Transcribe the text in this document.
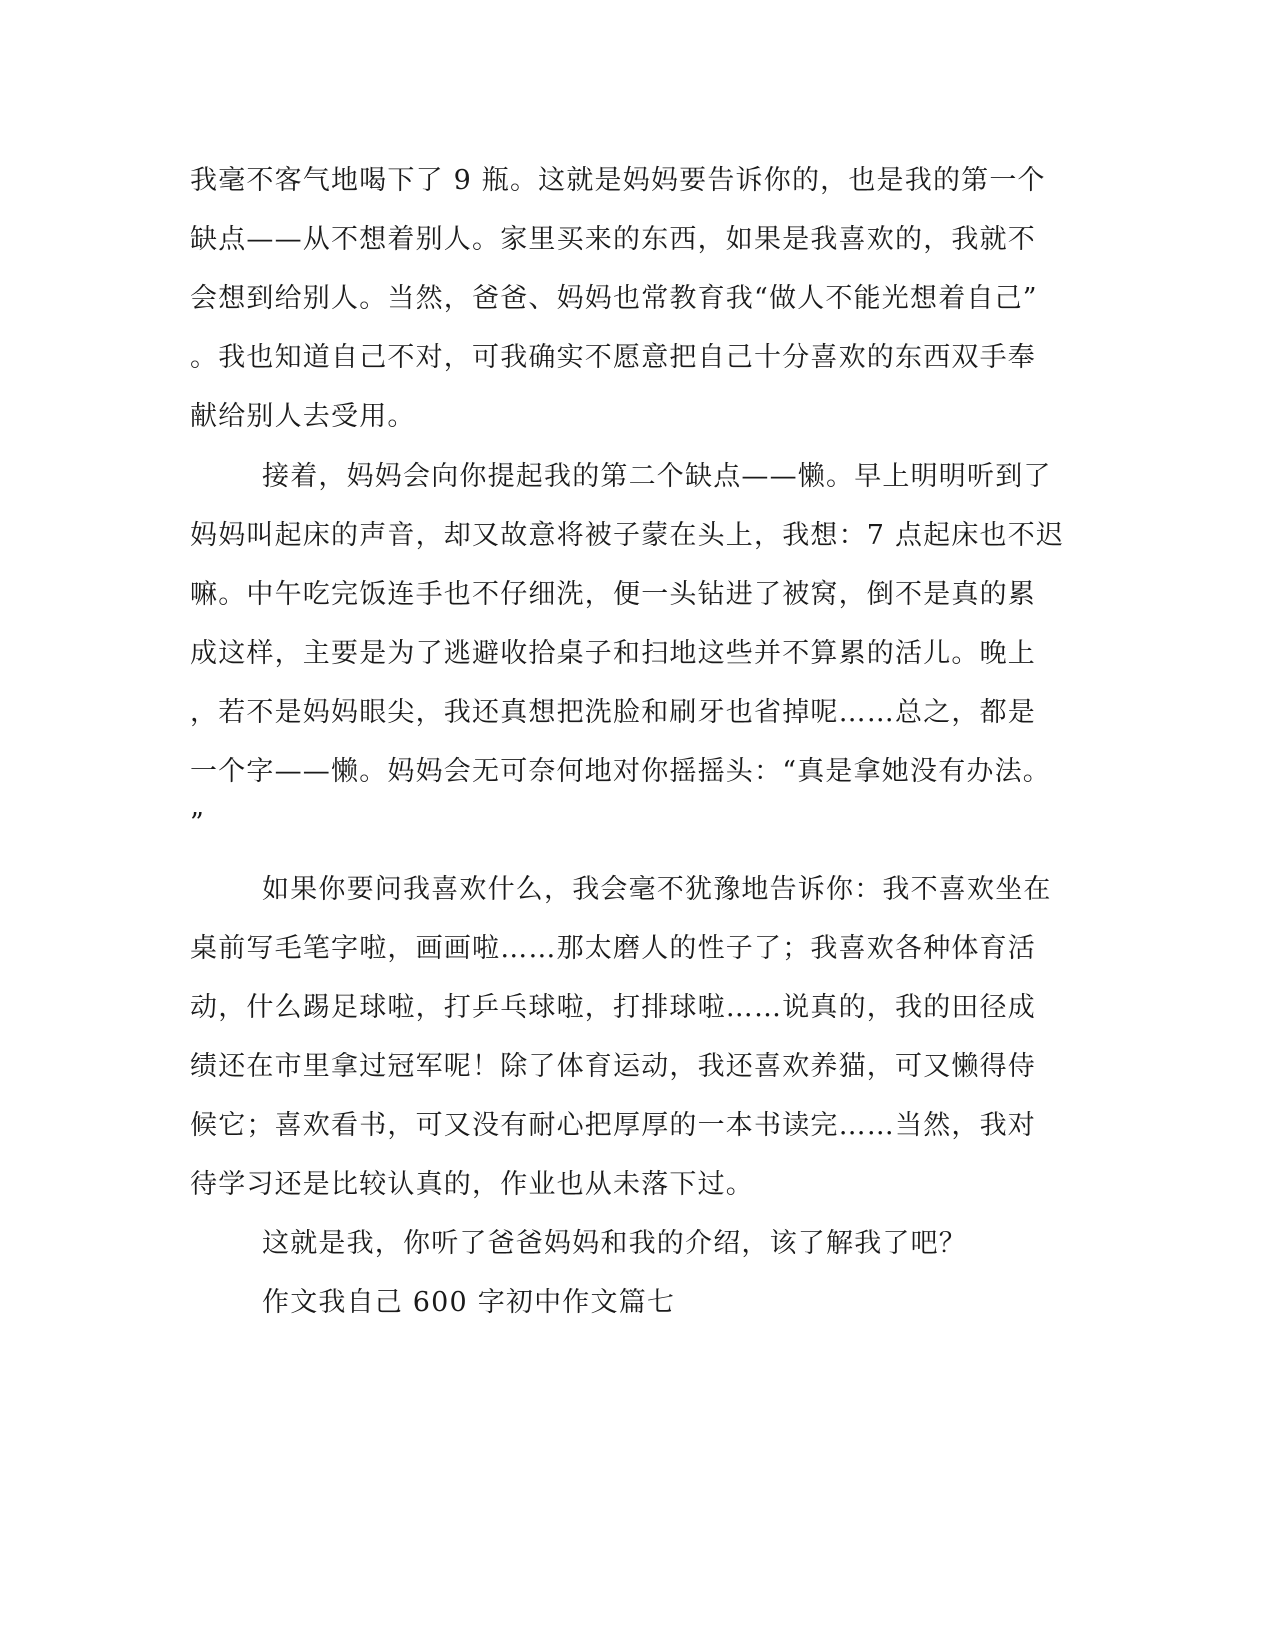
我毫不客气地喝下了 9 瓶。这就是妈妈要告诉你的，也是我的第一个
缺点——从不想着别人。家里买来的东西，如果是我喜欢的，我就不
会想到给别人。当然，爸爸、妈妈也常教育我“做人不能光想着自己”
。我也知道自己不对，可我确实不愿意把自己十分喜欢的东西双手奉
献给别人去受用。
接着，妈妈会向你提起我的第二个缺点——懒。早上明明听到了
妈妈叫起床的声音，却又故意将被子蒙在头上，我想：7 点起床也不迟
嘛。中午吃完饭连手也不仔细洗，便一头钻进了被窝，倒不是真的累
成这样，主要是为了逃避收拾桌子和扫地这些并不算累的活儿。晚上
，若不是妈妈眼尖，我还真想把洗脸和刷牙也省掉呢……总之，都是
一个字——懒。妈妈会无可奈何地对你摇摇头：“真是拿她没有办法。
”
如果你要问我喜欢什么，我会毫不犹豫地告诉你：我不喜欢坐在
桌前写毛笔字啦，画画啦……那太磨人的性子了；我喜欢各种体育活
动，什么踢足球啦，打乒乓球啦，打排球啦……说真的，我的田径成
绩还在市里拿过冠军呢！除了体育运动，我还喜欢养猫，可又懒得侍
候它；喜欢看书，可又没有耐心把厚厚的一本书读完……当然，我对
待学习还是比较认真的，作业也从未落下过。
这就是我，你听了爸爸妈妈和我的介绍，该了解我了吧？
作文我自己 600 字初中作文篇七
